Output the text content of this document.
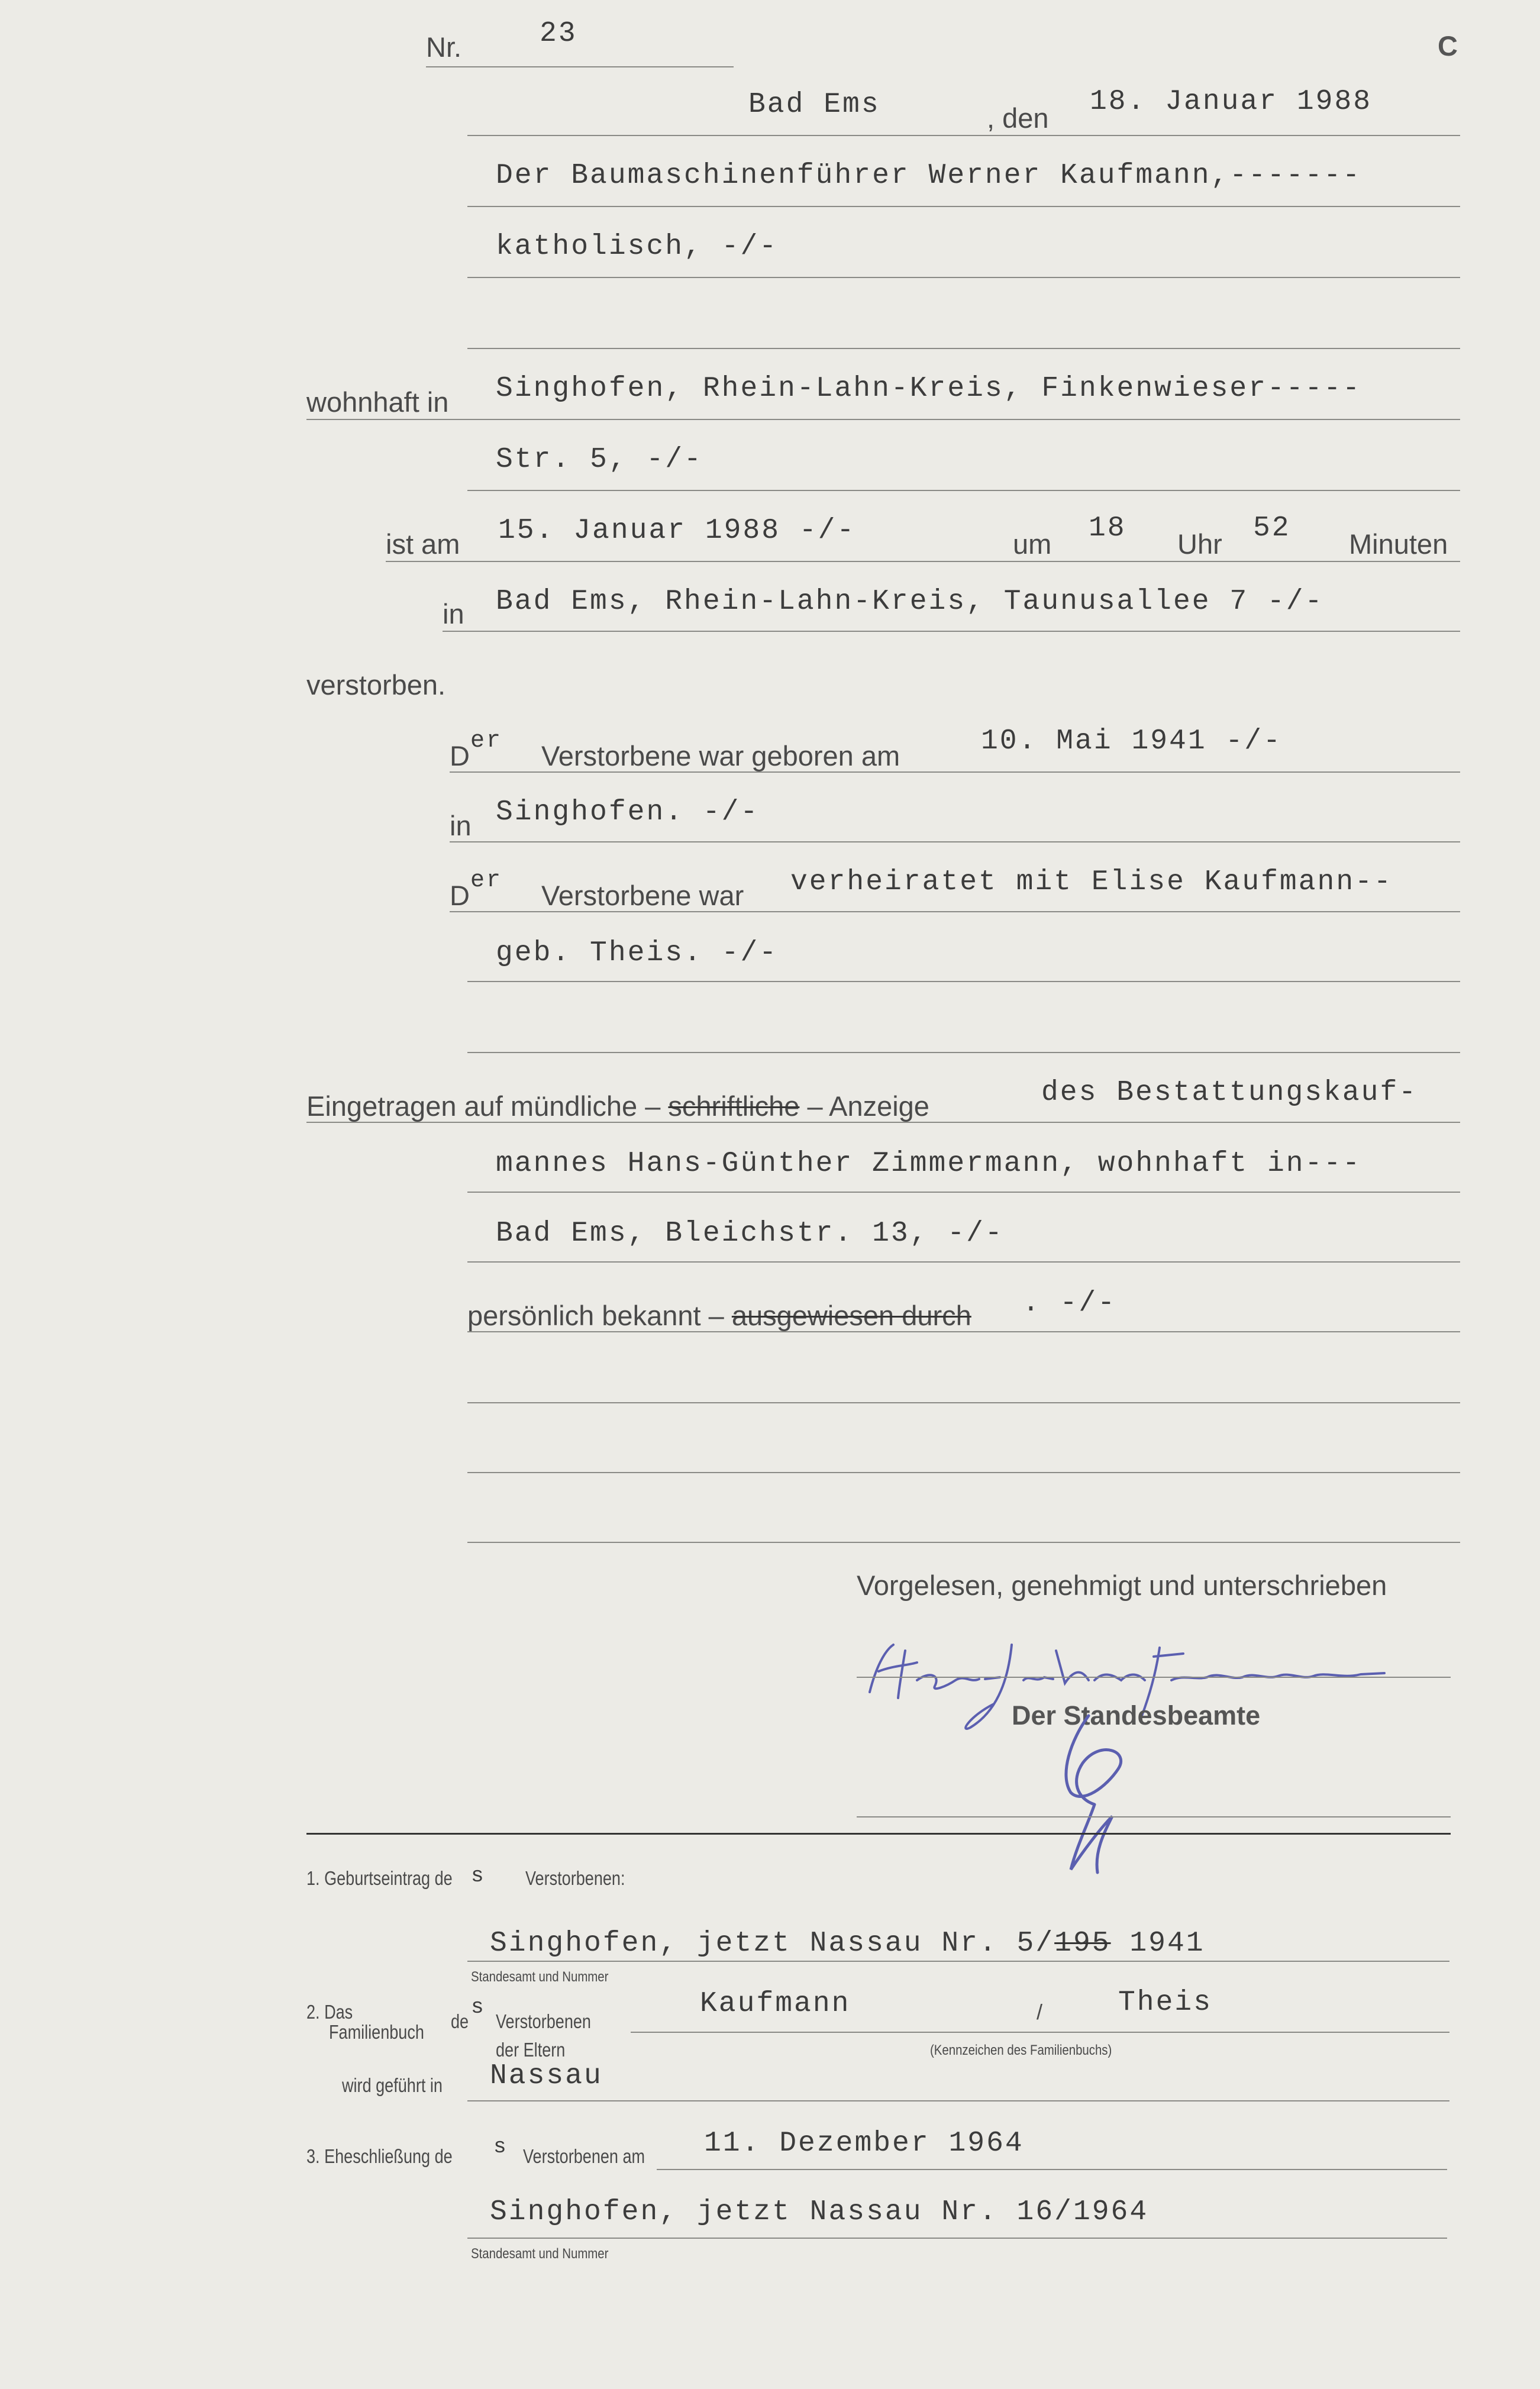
Nr.	23	C
Bad Ems	, den
18. Januar 1988
Der Baumaschinenführer Werner Kaufmann,-------
katholisch, -/-
wohnhaft in Singhofen, Rhein-Lahn-Kreis, Finkenwieser-----
Str. 5, -/-
ist am 15. Januar 1988 -/-	um 18 Uhr 52 Minuten
in Bad Ems, Rhein-Lahn-Kreis, Taunusallee 7 -/-
verstorben.
D er Verstorbene war geboren am	10. Mai 1941 -/-
in Singhofen. -/-
D er Verstorbene war verheiratet mit Elise Kaufmann--
geb. Theis. -/-
Eingetragen auf mündliche – schriftliche – Anzeige	des Bestattungskauf-
mannes Hans-Günther Zimmermann, wohnhaft in---
Bad Ems, Bleichstr. 13, -/-
persönlich bekannt – ausgewiesen durch . -/-
Vorgelesen, genehmigt und unterschrieben
Der Standesbeamte
1. Geburtseintrag de s Verstorbenen:
Singhofen, jetzt Nassau Nr. 5/195 1941
Standesamt und Nummer
2. Das
Familienbuch de
s
Verstorbenen
Kaufmann	/	Theis
der Eltern	(Kennzeichen des Familienbuchs)
wird geführt in Nassau
3. Eheschließung de s Verstorbenen am 11. Dezember 1964
Singhofen, jetzt Nassau Nr. 16/1964
Standesamt und Nummer
